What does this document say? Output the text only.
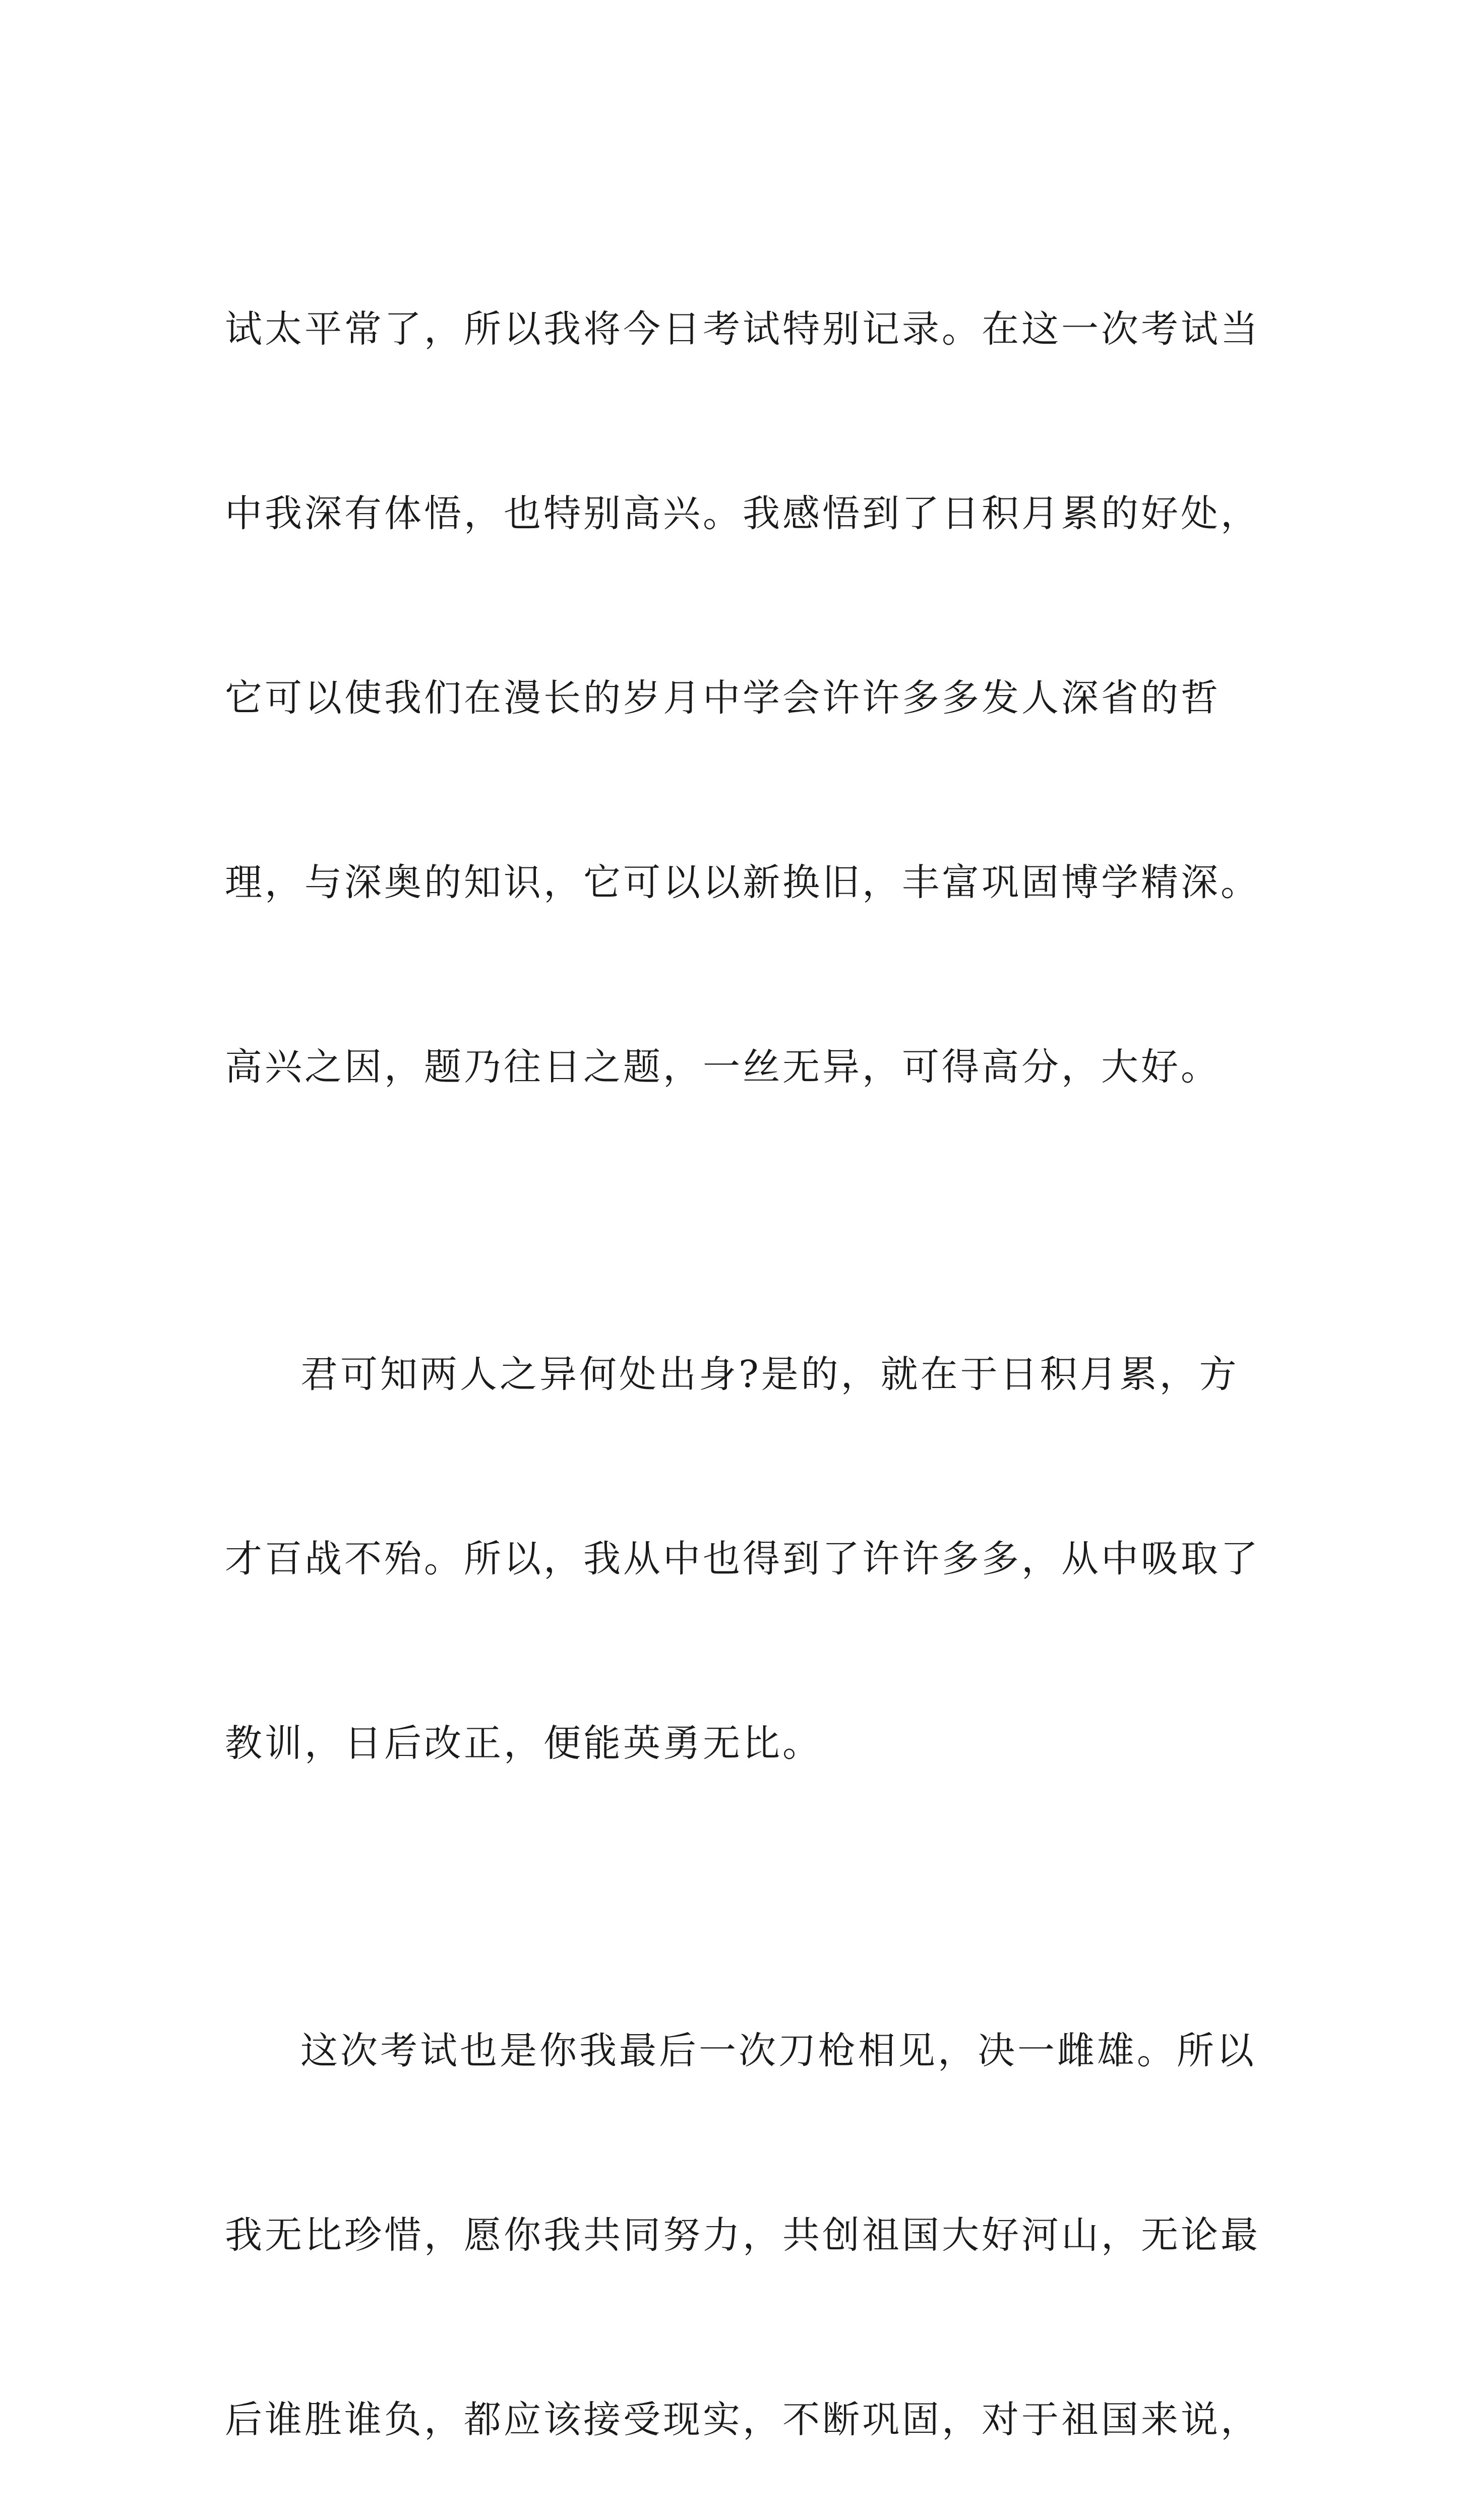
试太平常了，所以我将今日考试特别记录。在这一次考试当

中我深有体悟，也特别高兴。我感悟到了日积月累的好处，

它可以使我们在漫长的岁月中学会许许多多发人深省的哲

理，与深奥的知识，它可以以新换旧，丰富巩固博学精深。

高兴之因，题乃往日之题，一丝无异，可得高分，大好。

君可知两人之异何处出身?是的，就在于日积月累，方

才百战不殆。所以，我从中也得到了许许多多，从中吸取了

教训，日后改正，便能英勇无比。

这次考试也是你我最后一次刀枪相见，决一雌雄。所以

我无比珍惜，愿你我共同努力，共创祖国大好河山，无论最

后谁胜谁负，都应该接受现实，不断巩固，对于祖国来说，
